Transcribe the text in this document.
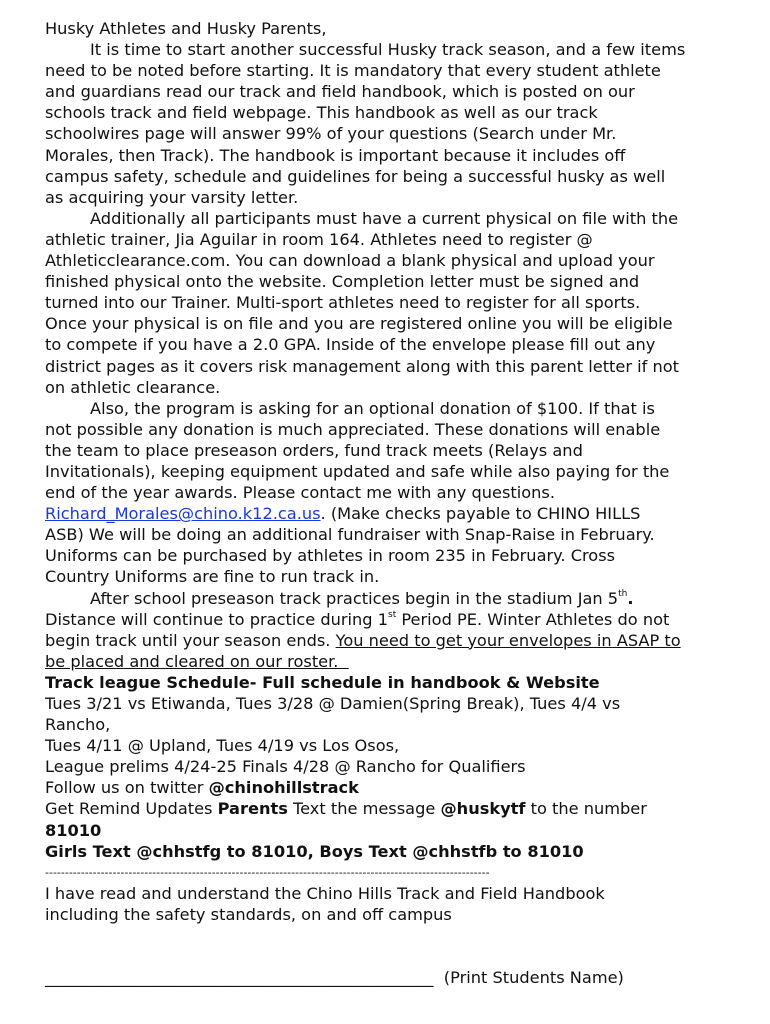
Husky Athletes and Husky Parents,
It is time to start another successful Husky track season, and a few items
need to be noted before starting. It is mandatory that every student athlete
and guardians read our track and field handbook, which is posted on our
schools track and field webpage. This handbook as well as our track
schoolwires page will answer 99% of your questions (Search under Mr.
Morales, then Track). The handbook is important because it includes off
campus safety, schedule and guidelines for being a successful husky as well
as acquiring your varsity letter.
Additionally all participants must have a current physical on file with the
athletic trainer, Jia Aguilar in room 164. Athletes need to register @
Athleticclearance.com. You can download a blank physical and upload your
finished physical onto the website. Completion letter must be signed and
turned into our Trainer. Multi-sport athletes need to register for all sports.
Once your physical is on file and you are registered online you will be eligible
to compete if you have a 2.0 GPA. Inside of the envelope please fill out any
district pages as it covers risk management along with this parent letter if not
on athletic clearance.
Also, the program is asking for an optional donation of $100. If that is
not possible any donation is much appreciated. These donations will enable
the team to place preseason orders, fund track meets (Relays and
Invitationals), keeping equipment updated and safe while also paying for the
end of the year awards. Please contact me with any questions.
Richard_Morales@chino.k12.ca.us. (Make checks payable to CHINO HILLS
ASB) We will be doing an additional fundraiser with Snap-Raise in February.
Uniforms can be purchased by athletes in room 235 in February. Cross
Country Uniforms are fine to run track in.
After school preseason track practices begin in the stadium Jan 5th.
Distance will continue to practice during 1st Period PE. Winter Athletes do not
begin track until your season ends. You need to get your envelopes in ASAP to
be placed and cleared on our roster.
Track league Schedule- Full schedule in handbook & Website
Tues 3/21 vs Etiwanda, Tues 3/28 @ Damien(Spring Break), Tues 4/4 vs
Rancho,
Tues 4/11 @ Upland, Tues 4/19 vs Los Osos,
League prelims 4/24-25 Finals 4/28 @ Rancho for Qualifiers
Follow us on twitter @chinohillstrack
Get Remind Updates Parents Text the message @huskytf to the number
81010
Girls Text @chhstfg to 81010, Boys Text @chhstfb to 81010
----------------------------------------------------------------------------------------------------------------
I have read and understand the Chino Hills Track and Field Handbook
including the safety standards, on and off campus
________________________________________________  (Print Students Name)
